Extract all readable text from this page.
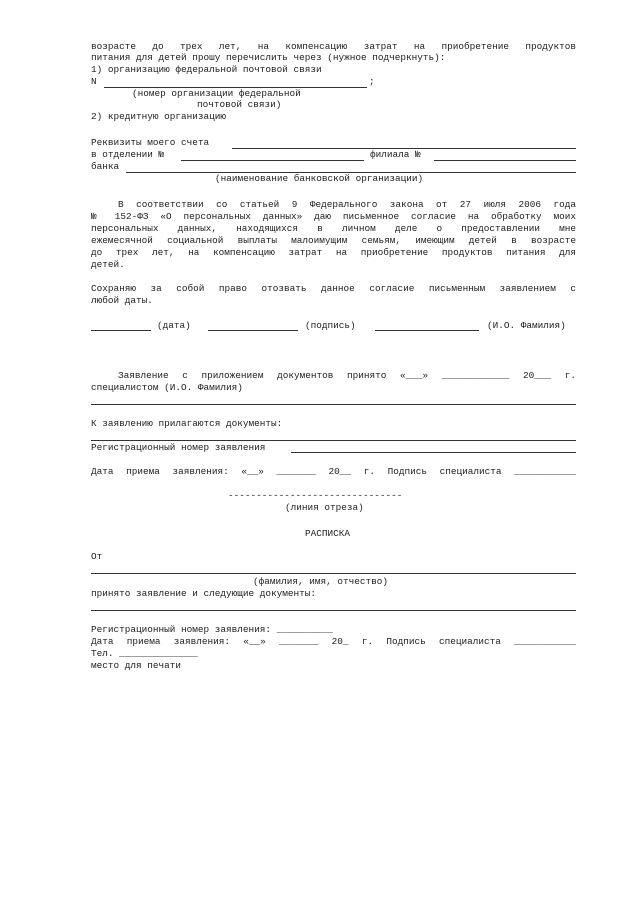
возрасте до трех лет, на компенсацию затрат на приобретение продуктов
питания для детей прошу перечислить через (нужное подчеркнуть):
1) организацию федеральной почтовой связи
N	;
(номер организации федеральной
почтовой связи)
2) кредитную организацию
Реквизиты моего счета
в отделении №	филиала №
банка
(наименование банковской организации)
В соответствии со статьей 9 Федерального закона от 27 июля 2006 года
№ 152-ФЗ «О персональных данных» даю письменное согласие на обработку моих
персональных данных, находящихся в личном деле о предоставлении мне
ежемесячной социальной выплаты малоимущим семьям, имеющим детей в возрасте
до трех лет, на компенсацию затрат на приобретение продуктов питания для
детей.
Сохраняю за собой право отозвать данное согласие письменным заявлением с
любой даты.
(дата)	(подпись)	(И.О. Фамилия)
Заявление с приложением документов принято «___» ____________ 20___ г.
специалистом (И.О. Фамилия)
К заявлению прилагаются документы:
Регистрационный номер заявления
Дата приема заявления: «__» _______ 20__ г. Подпись специалиста ___________
-------------------------------
(линия отреза)
РАСПИСКА
От
(фамилия, имя, отчество)
принято заявление и следующие документы:
Регистрационный номер заявления: __________
Дата приема заявления: «__» _______ 20_ г. Подпись специалиста ___________
Тел. ______________
место для печати
